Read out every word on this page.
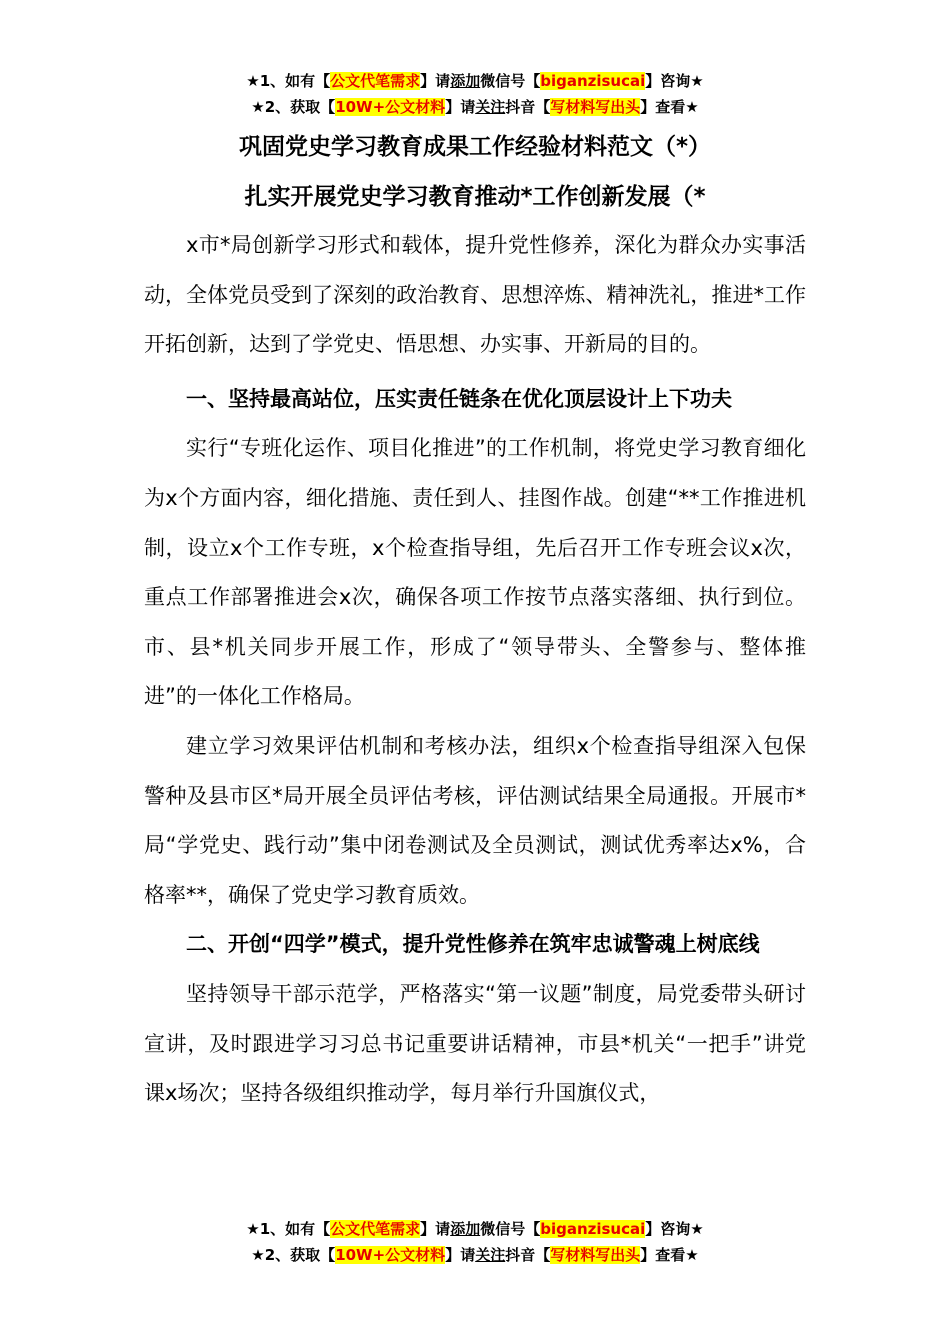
★1、如有【公文代笔需求】请添加微信号【biganzisucai】咨询★
★2、获取【10W+公文材料】请关注抖音【写材料写出头】查看★
巩固党史学习教育成果工作经验材料范文（*）
扎实开展党史学习教育推动*工作创新发展（*

x市*局创新学习形式和载体，提升党性修养，深化为群众办实事活动，全体党员受到了深刻的政治教育、思想淬炼、精神洗礼，推进*工作开拓创新，达到了学党史、悟思想、办实事、开新局的目的。

一、坚持最高站位，压实责任链条在优化顶层设计上下功夫

实行“专班化运作、项目化推进”的工作机制，将党史学习教育细化为x个方面内容，细化措施、责任到人、挂图作战。创建“**工作推进机制，设立x个工作专班，x个检查指导组，先后召开工作专班会议x次，重点工作部署推进会x次，确保各项工作按节点落实落细、执行到位。市、县*机关同步开展工作，形成了“领导带头、全警参与、整体推进”的一体化工作格局。

建立学习效果评估机制和考核办法，组织x个检查指导组深入包保警种及县市区*局开展全员评估考核，评估测试结果全局通报。开展市*局“学党史、践行动”集中闭卷测试及全员测试，测试优秀率达x%，合格率**，确保了党史学习教育质效。

二、开创“四学”模式，提升党性修养在筑牢忠诚警魂上树底线

坚持领导干部示范学，严格落实“第一议题”制度，局党委带头研讨宣讲，及时跟进学习习总书记重要讲话精神，市县*机关“一把手”讲党课x场次；坚持各级组织推动学，每月举行升国旗仪式，

★1、如有【公文代笔需求】请添加微信号【biganzisucai】咨询★
★2、获取【10W+公文材料】请关注抖音【写材料写出头】查看★
